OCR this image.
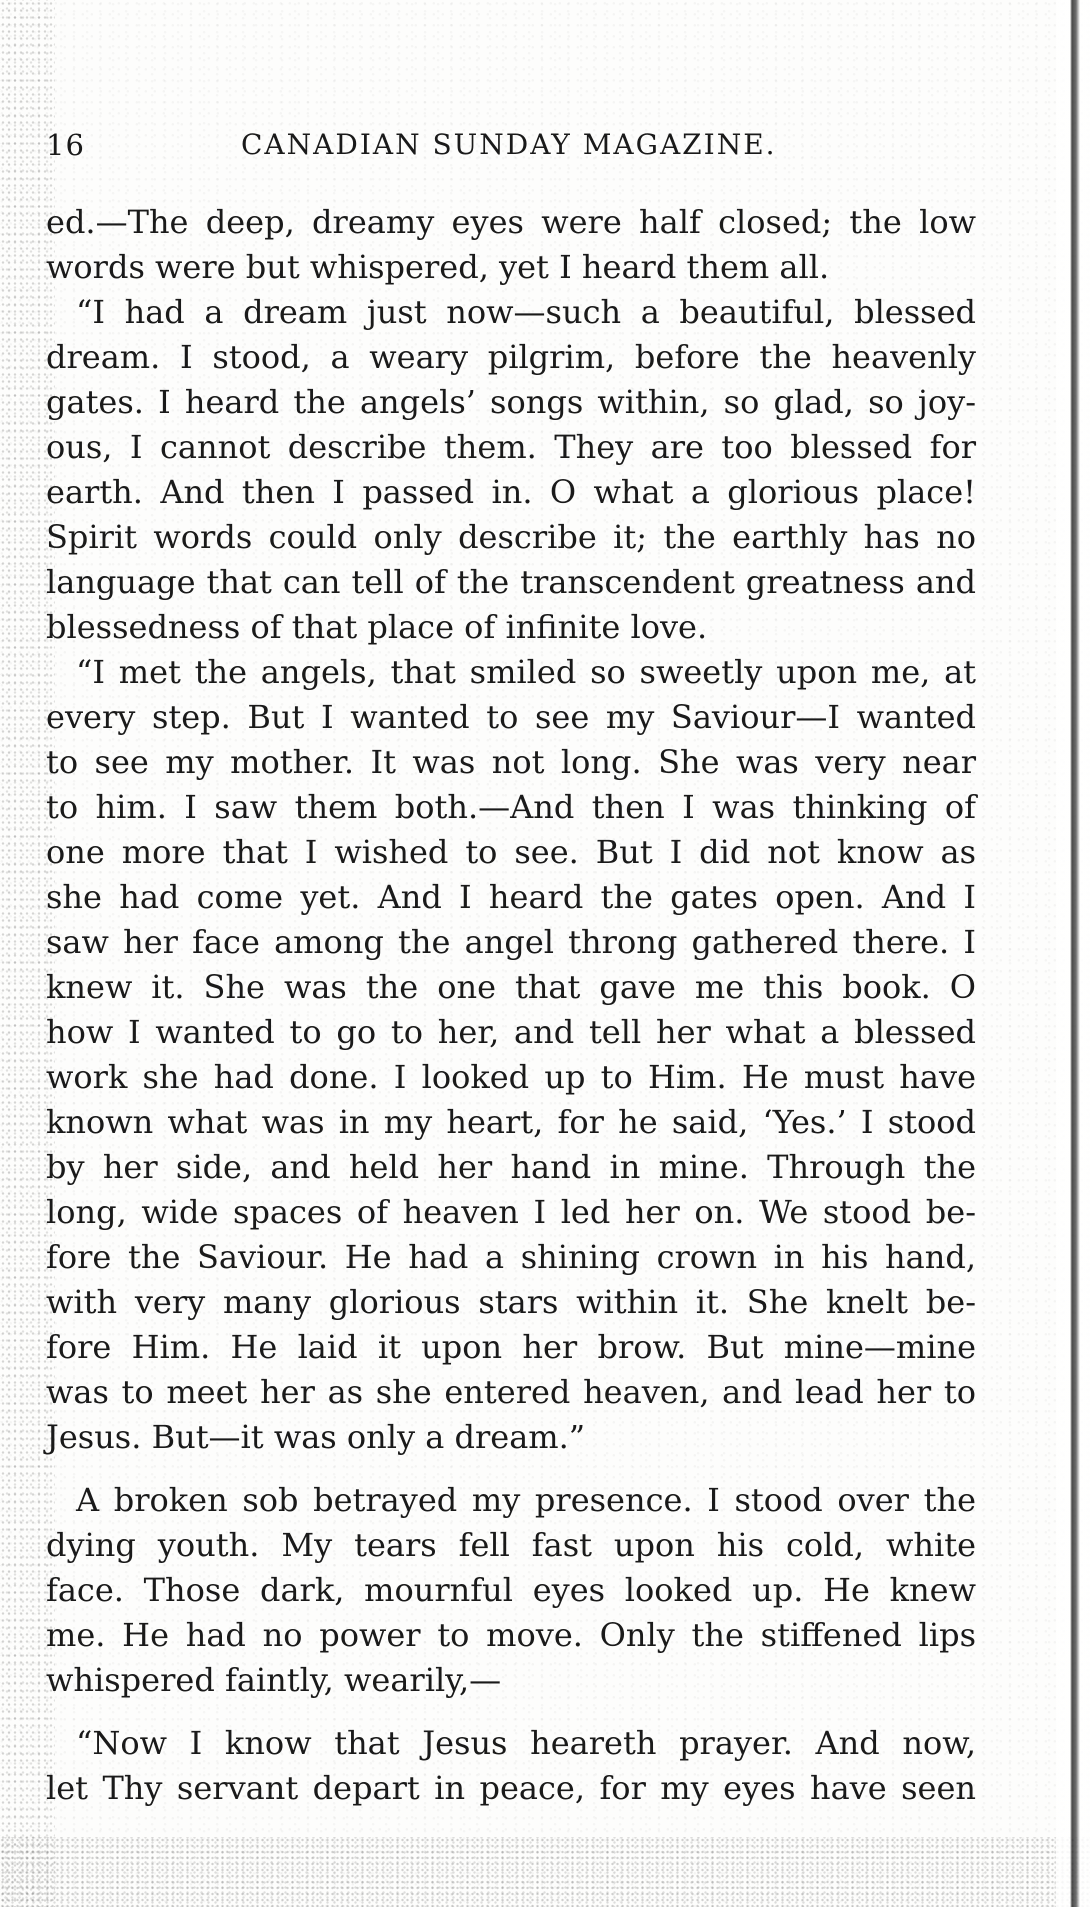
16	CANADIAN SUNDAY MAGAZINE.
ed.—The deep, dreamy eyes were half closed; the low
words were but whispered, yet I heard them all.
“I had a dream just now—such a beautiful, blessed
dream. I stood, a weary pilgrim, before the heavenly
gates. I heard the angels’ songs within, so glad, so joy-
ous, I cannot describe them. They are too blessed for
earth. And then I passed in. O what a glorious place!
Spirit words could only describe it; the earthly has no
language that can tell of the transcendent greatness and
blessedness of that place of infinite love.
“I met the angels, that smiled so sweetly upon me, at
every step. But I wanted to see my Saviour—I wanted
to see my mother. It was not long. She was very near
to him. I saw them both.—And then I was thinking of
one more that I wished to see. But I did not know as
she had come yet. And I heard the gates open. And I
saw her face among the angel throng gathered there. I
knew it. She was the one that gave me this book. O
how I wanted to go to her, and tell her what a blessed
work she had done. I looked up to Him. He must have
known what was in my heart, for he said, ‘Yes.’ I stood
by her side, and held her hand in mine. Through the
long, wide spaces of heaven I led her on. We stood be-
fore the Saviour. He had a shining crown in his hand,
with very many glorious stars within it. She knelt be-
fore Him. He laid it upon her brow. But mine—mine
was to meet her as she entered heaven, and lead her to
Jesus. But—it was only a dream.”
A broken sob betrayed my presence. I stood over the
dying youth. My tears fell fast upon his cold, white
face. Those dark, mournful eyes looked up. He knew
me. He had no power to move. Only the stiffened lips
whispered faintly, wearily,—
“Now I know that Jesus heareth prayer. And now,
let Thy servant depart in peace, for my eyes have seen
